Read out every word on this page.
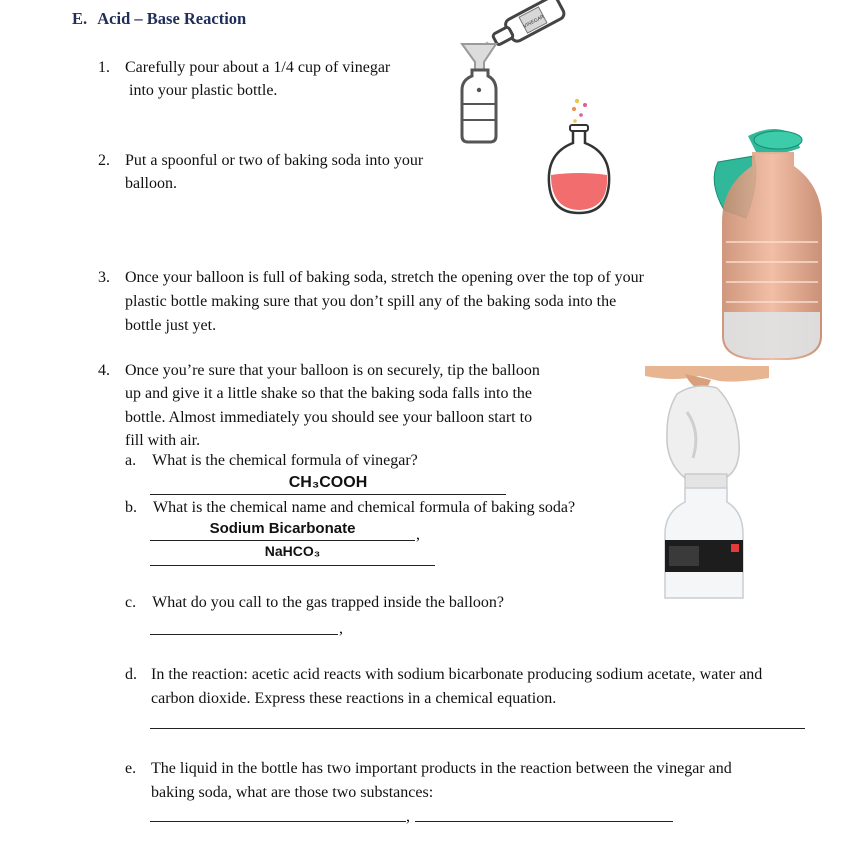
E. Acid – Base Reaction
1. Carefully pour about a 1/4 cup of vinegar
into your plastic bottle.
2. Put a spoonful or two of baking soda into your
balloon.
3. Once your balloon is full of baking soda, stretch the opening over the top of your
plastic bottle making sure that you don’t spill any of the baking soda into the
bottle just yet.
4. Once you’re sure that your balloon is on securely, tip the balloon
up and give it a little shake so that the baking soda falls into the
bottle. Almost immediately you should see your balloon start to
fill with air.
a. What is the chemical formula of vinegar?
CH₃COOH
b. What is the chemical name and chemical formula of baking soda?
Sodium Bicarbonate	,
NaHCO₃
c. What do you call to the gas trapped inside the balloon?
,
d. In the reaction: acetic acid reacts with sodium bicarbonate producing sodium acetate, water and
carbon dioxide. Express these reactions in a chemical equation.
e. The liquid in the bottle has two important products in the reaction between the vinegar and
baking soda, what are those two substances:
,
VINEGAR
